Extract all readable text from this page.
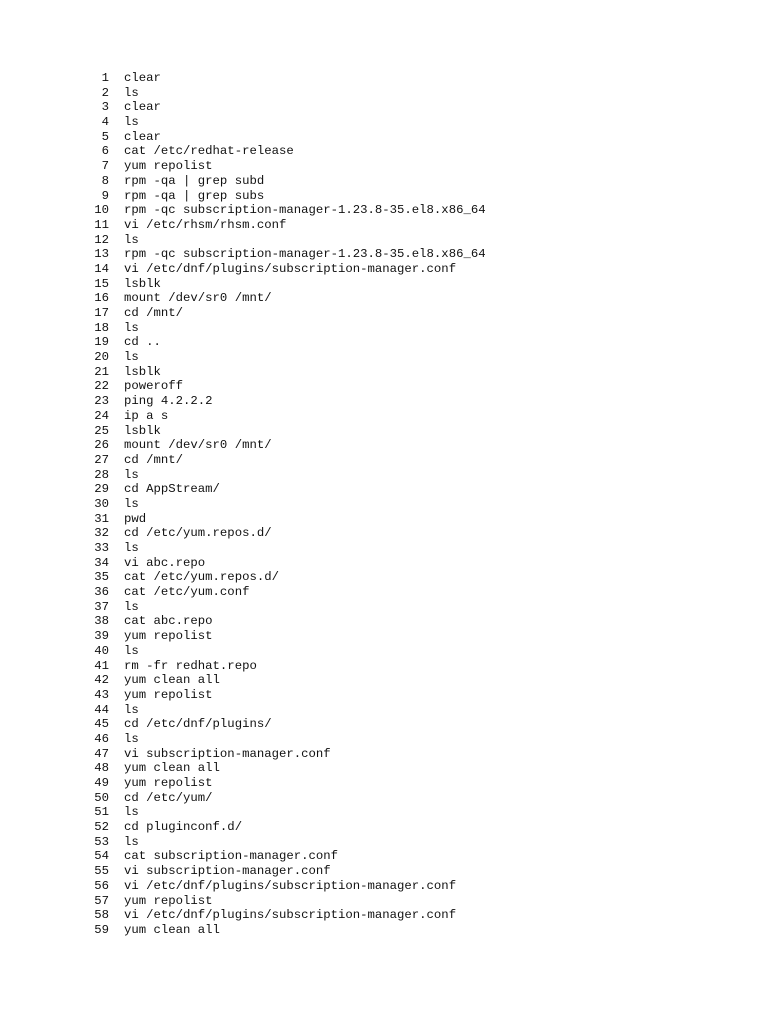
1 clear
2 ls
3 clear
4 ls
5 clear
6 cat /etc/redhat-release
7 yum repolist
8 rpm -qa | grep subd
9 rpm -qa | grep subs
10 rpm -qc subscription-manager-1.23.8-35.el8.x86_64
11 vi /etc/rhsm/rhsm.conf
12 ls
13 rpm -qc subscription-manager-1.23.8-35.el8.x86_64
14 vi /etc/dnf/plugins/subscription-manager.conf
15 lsblk
16 mount /dev/sr0 /mnt/
17 cd /mnt/
18 ls
19 cd ..
20 ls
21 lsblk
22 poweroff
23 ping 4.2.2.2
24 ip a s
25 lsblk
26 mount /dev/sr0 /mnt/
27 cd /mnt/
28 ls
29 cd AppStream/
30 ls
31 pwd
32 cd /etc/yum.repos.d/
33 ls
34 vi abc.repo
35 cat /etc/yum.repos.d/
36 cat /etc/yum.conf
37 ls
38 cat abc.repo
39 yum repolist
40 ls
41 rm -fr redhat.repo
42 yum clean all
43 yum repolist
44 ls
45 cd /etc/dnf/plugins/
46 ls
47 vi subscription-manager.conf
48 yum clean all
49 yum repolist
50 cd /etc/yum/
51 ls
52 cd pluginconf.d/
53 ls
54 cat subscription-manager.conf
55 vi subscription-manager.conf
56 vi /etc/dnf/plugins/subscription-manager.conf
57 yum repolist
58 vi /etc/dnf/plugins/subscription-manager.conf
59 yum clean all
